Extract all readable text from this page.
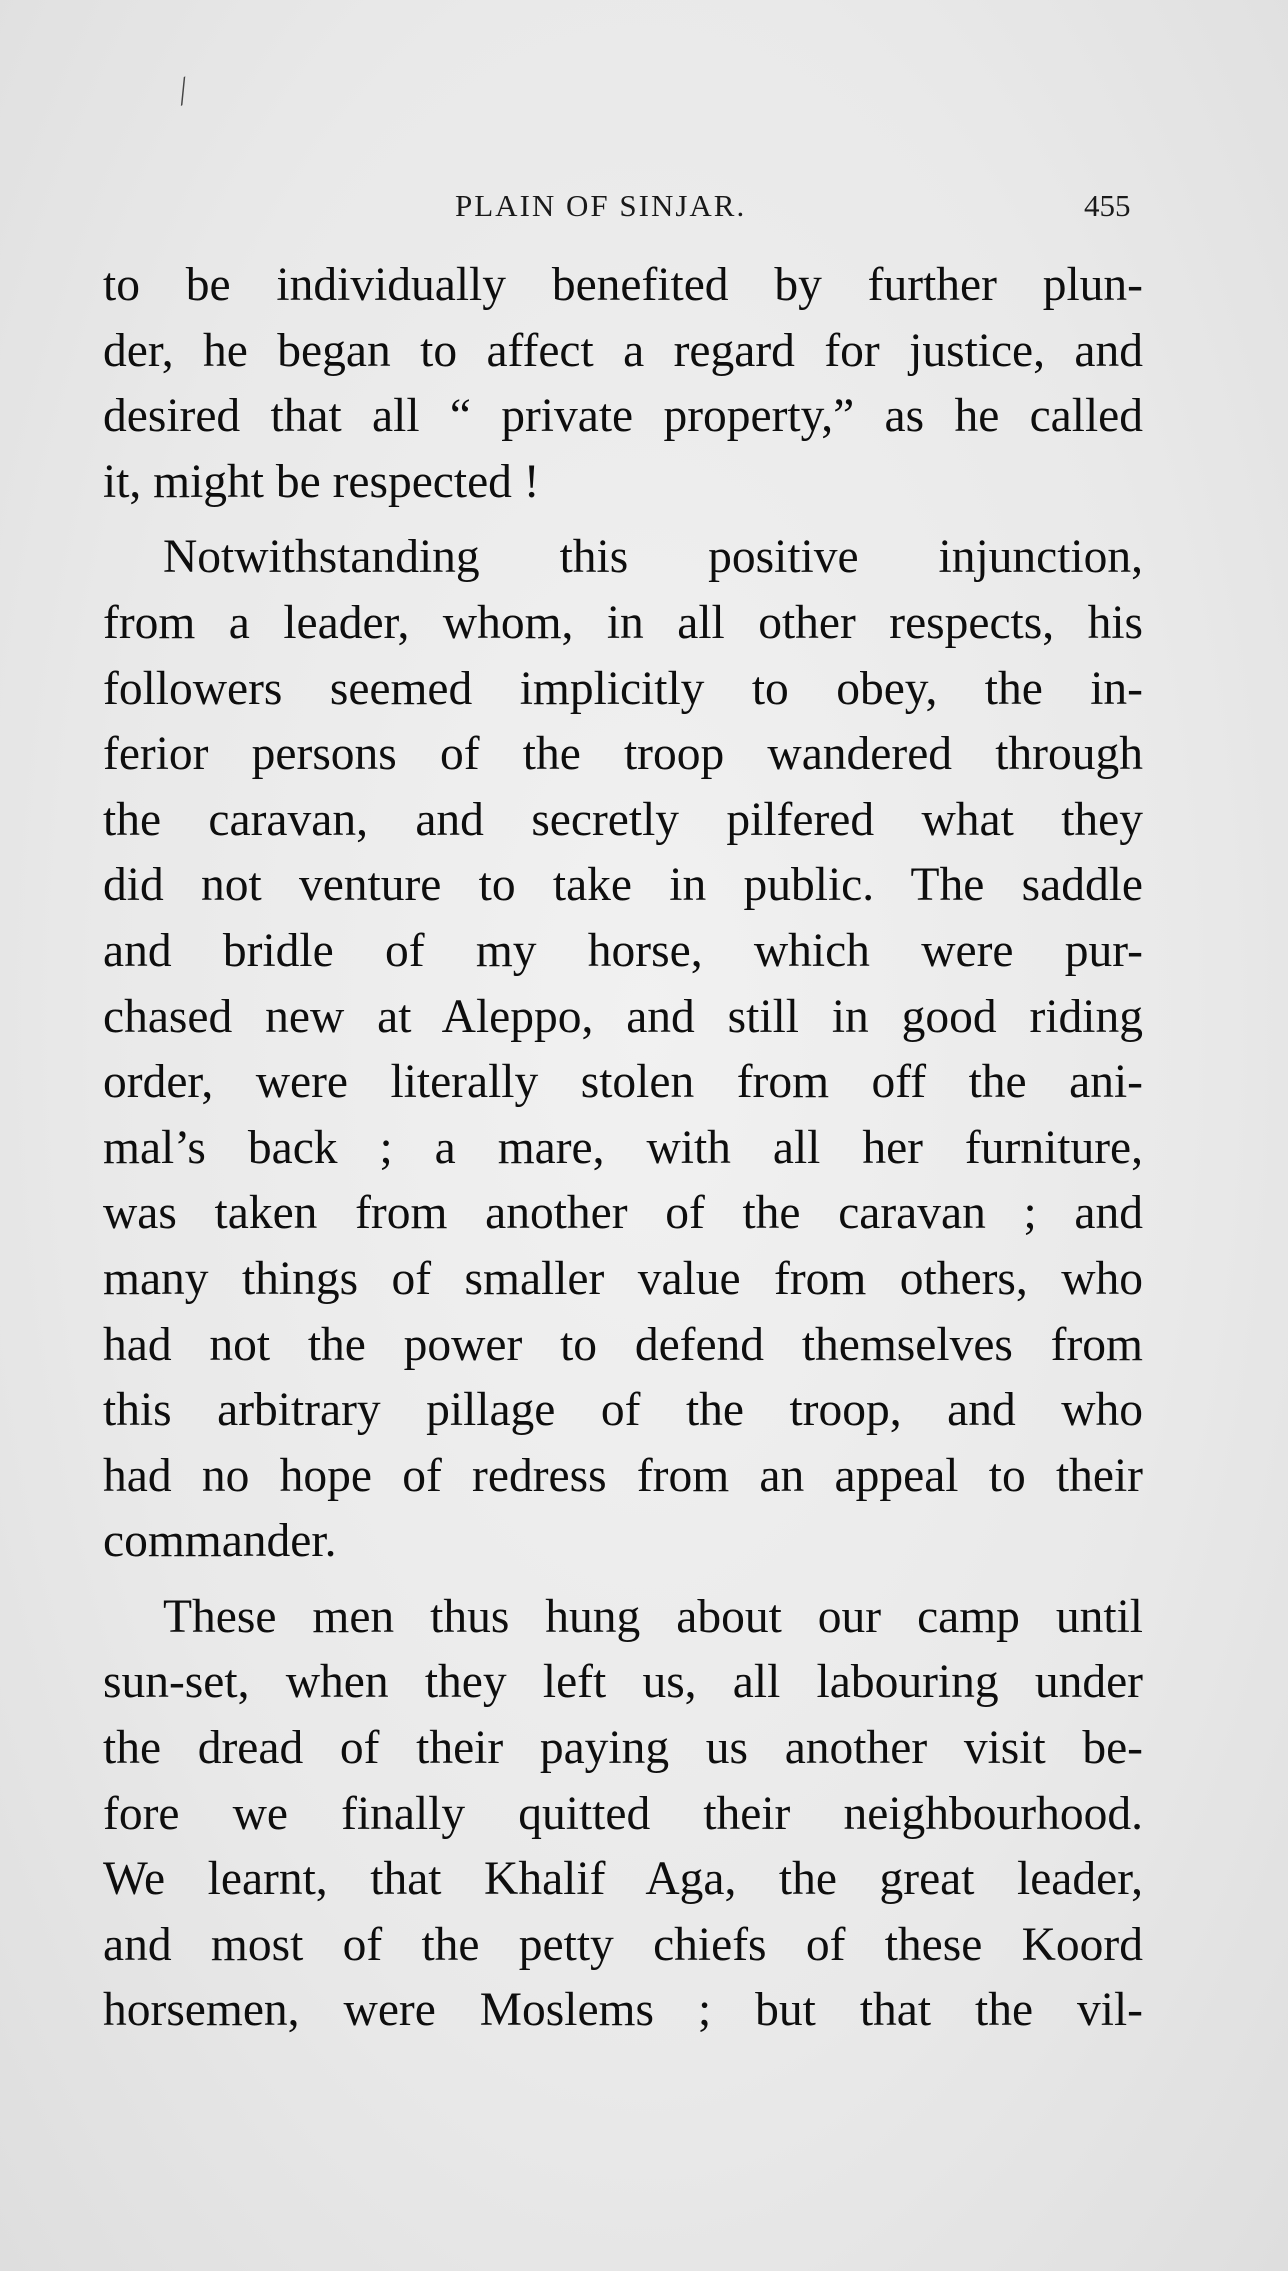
⁄
PLAIN OF SINJAR.	455
to be individually benefited by further plun-
der, he began to affect a regard for justice, and
desired that all “ private property,” as he called
it, might be respected !
Notwithstanding this positive injunction,
from a leader, whom, in all other respects, his
followers seemed implicitly to obey, the in-
ferior persons of the troop wandered through
the caravan, and secretly pilfered what they
did not venture to take in public. The saddle
and bridle of my horse, which were pur-
chased new at Aleppo, and still in good riding
order, were literally stolen from off the ani-
mal’s back ; a mare, with all her furniture,
was taken from another of the caravan ; and
many things of smaller value from others, who
had not the power to defend themselves from
this arbitrary pillage of the troop, and who
had no hope of redress from an appeal to their
commander.
These men thus hung about our camp until
sun-set, when they left us, all labouring under
the dread of their paying us another visit be-
fore we finally quitted their neighbourhood.
We learnt, that Khalif Aga, the great leader,
and most of the petty chiefs of these Koord
horsemen, were Moslems ; but that the vil-
